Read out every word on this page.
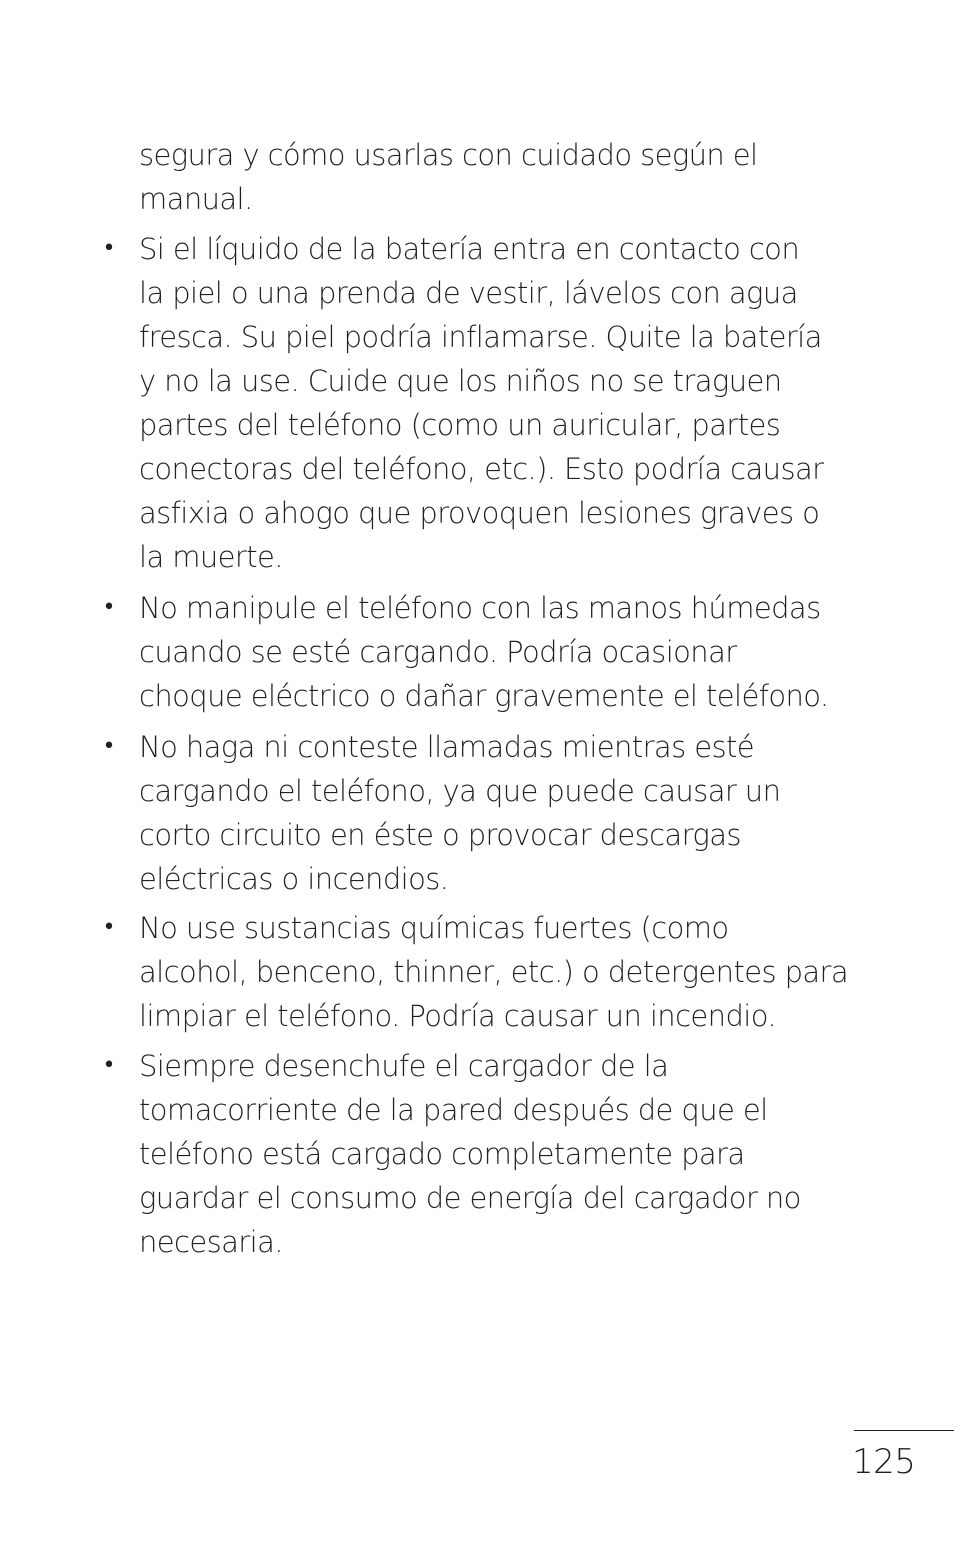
segura y cómo usarlas con cuidado según el
manual.
• Si el líquido de la batería entra en contacto con
la piel o una prenda de vestir, lávelos con agua
fresca. Su piel podría inflamarse. Quite la batería
y no la use. Cuide que los niños no se traguen
partes del teléfono (como un auricular, partes
conectoras del teléfono, etc.). Esto podría causar
asfixia o ahogo que provoquen lesiones graves o
la muerte.
• No manipule el teléfono con las manos húmedas
cuando se esté cargando. Podría ocasionar
choque eléctrico o dañar gravemente el teléfono.
• No haga ni conteste llamadas mientras esté
cargando el teléfono, ya que puede causar un
corto circuito en éste o provocar descargas
eléctricas o incendios.
• No use sustancias químicas fuertes (como
alcohol, benceno, thinner, etc.) o detergentes para
limpiar el teléfono. Podría causar un incendio.
• Siempre desenchufe el cargador de la
tomacorriente de la pared después de que el
teléfono está cargado completamente para
guardar el consumo de energía del cargador no
necesaria.
125
